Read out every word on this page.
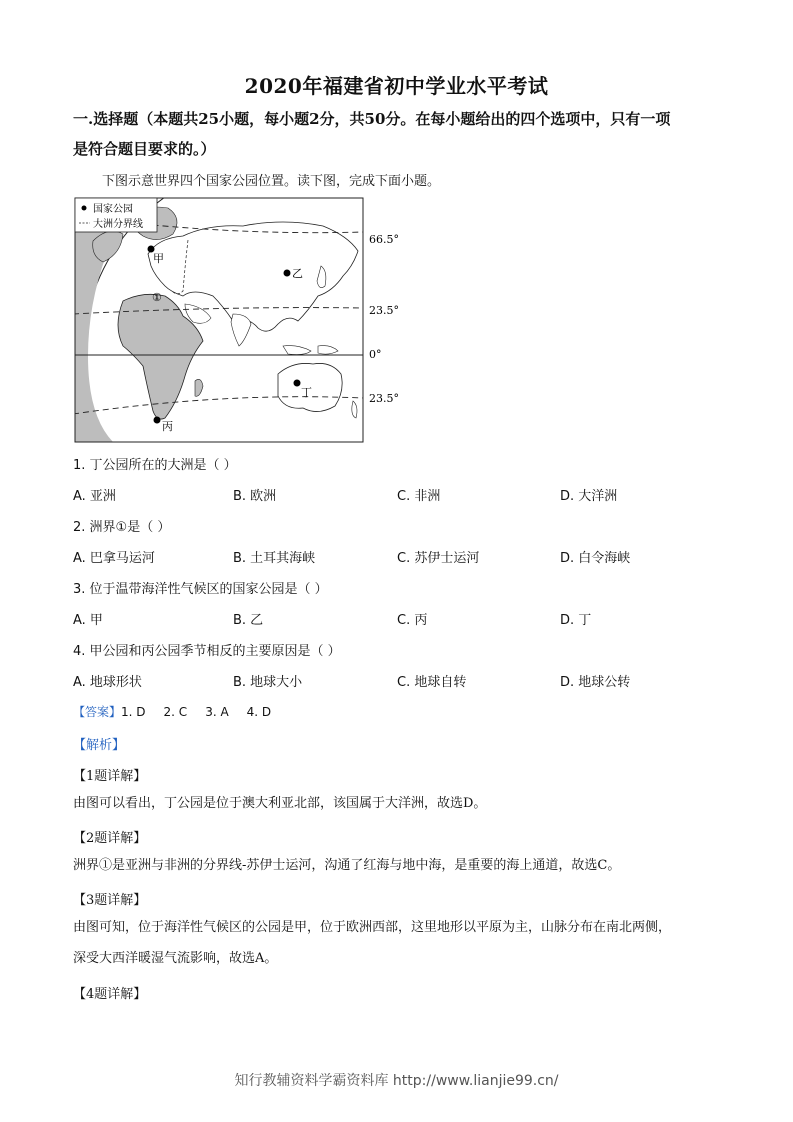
2020年福建省初中学业水平考试
一.选择题（本题共25小题，每小题2分，共50分。在每小题给出的四个选项中，只有一项
是符合题目要求的。）
下图示意世界四个国家公园位置。读下图，完成下面小题。
国家公园
大洲分界线
66.5°
23.5°
0°
23.5°
甲
乙
丙
丁
①
1. 丁公园所在的大洲是（ ）
A. 亚洲	B. 欧洲	C. 非洲	D. 大洋洲
2. 洲界①是（ ）
A. 巴拿马运河	B. 土耳其海峡	C. 苏伊士运河	D. 白令海峡
3. 位于温带海洋性气候区的国家公园是（ ）
A. 甲	B. 乙	C. 丙	D. 丁
4. 甲公园和丙公园季节相反的主要原因是（ ）
A. 地球形状	B. 地球大小	C. 地球自转	D. 地球公转
【答案】1. D 2. C 3. A 4. D
【解析】
【1题详解】
由图可以看出，丁公园是位于澳大利亚北部，该国属于大洋洲，故选D。
【2题详解】
洲界①是亚洲与非洲的分界线-苏伊士运河，沟通了红海与地中海，是重要的海上通道，故选C。
【3题详解】
由图可知，位于海洋性气候区的公园是甲，位于欧洲西部，这里地形以平原为主，山脉分布在南北两侧，
深受大西洋暖湿气流影响，故选A。
【4题详解】
知行教辅资料学霸资料库 http://www.lianjie99.cn/
